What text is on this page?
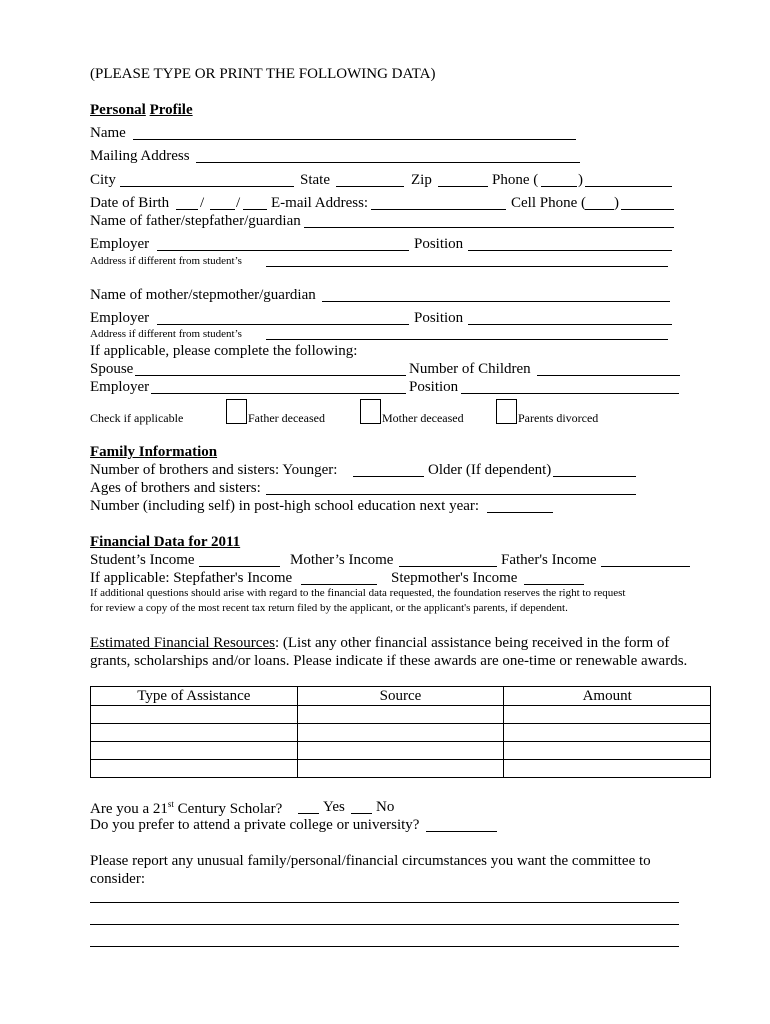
(PLEASE TYPE OR PRINT THE FOLLOWING DATA)
Personal Profile
Name
Mailing Address
City	State	Zip	Phone (	)
Date of Birth / / E-mail Address:	Cell Phone ( )
Name of father/stepfather/guardian
Employer	Position
Address if different from student’s
Name of mother/stepmother/guardian
Employer	Position
Address if different from student’s
If applicable, please complete the following:
Spouse	Number of Children
Employer	Position
Check if applicable	Father deceased	Mother deceased	Parents divorced
Family Information
Number of brothers and sisters: Younger:	Older (If dependent)
Ages of brothers and sisters:
Number (including self) in post-high school education next year:
Financial Data for 2011
Student’s Income	Mother’s Income	Father's Income
If applicable: Stepfather's Income	Stepmother's Income
If additional questions should arise with regard to the financial data requested, the foundation reserves the right to request
for review a copy of the most recent tax return filed by the applicant, or the applicant's parents, if dependent.
Estimated Financial Resources: (List any other financial assistance being received in the form of
grants, scholarships and/or loans. Please indicate if these awards are one-time or renewable awards.
Type of Assistance	Source	Amount

Are you a 21st Century Scholar?	Yes No
Do you prefer to attend a private college or university?
Please report any unusual family/personal/financial circumstances you want the committee to
consider:
